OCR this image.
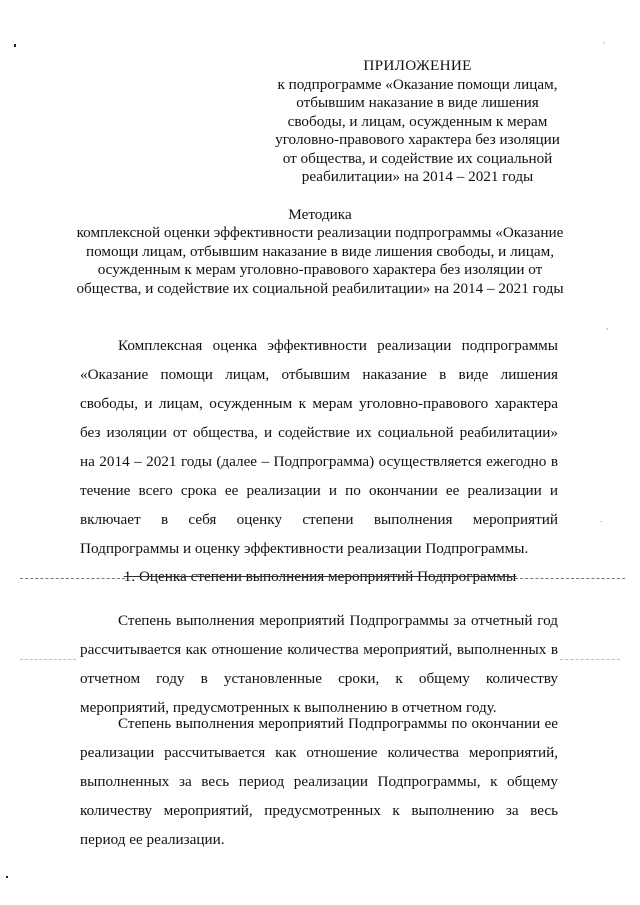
,
,
.
ПРИЛОЖЕНИЕ
к подпрограмме «Оказание помощи лицам,
отбывшим наказание в виде лишения
свободы, и лицам, осужденным к мерам
уголовно-правового характера без изоляции
от общества, и содействие их социальной
реабилитации» на 2014 – 2021 годы
Методика
комплексной оценки эффективности реализации подпрограммы «Оказание
помощи лицам, отбывшим наказание в виде лишения свободы, и лицам,
осужденным к мерам уголовно-правового характера без изоляции от
общества, и содействие их социальной реабилитации» на 2014 – 2021 годы

Комплексная оценка эффективности реализации подпрограммы «Оказание помощи лицам, отбывшим наказание в виде лишения свободы, и лицам, осужденным к мерам уголовно-правового характера без изоляции от общества, и содействие их социальной реабилитации» на 2014 – 2021 годы (далее – Подпрограмма) осуществляется ежегодно в течение всего срока ее реализации и по окончании ее реализации и включает в себя оценку степени выполнения мероприятий Подпрограммы и оценку эффективности реализации Подпрограммы.

1. Оценка степени выполнения мероприятий Подпрограммы

Степень выполнения мероприятий Подпрограммы за отчетный год рассчитывается как отношение количества мероприятий, выполненных в отчетном году в установленные сроки, к общему количеству мероприятий, предусмотренных к выполнению в отчетном году.

Степень выполнения мероприятий Подпрограммы по окончании ее реализации рассчитывается как отношение количества мероприятий, выполненных за весь период реализации Подпрограммы, к общему количеству мероприятий, предусмотренных к выполнению за весь период ее реализации.
